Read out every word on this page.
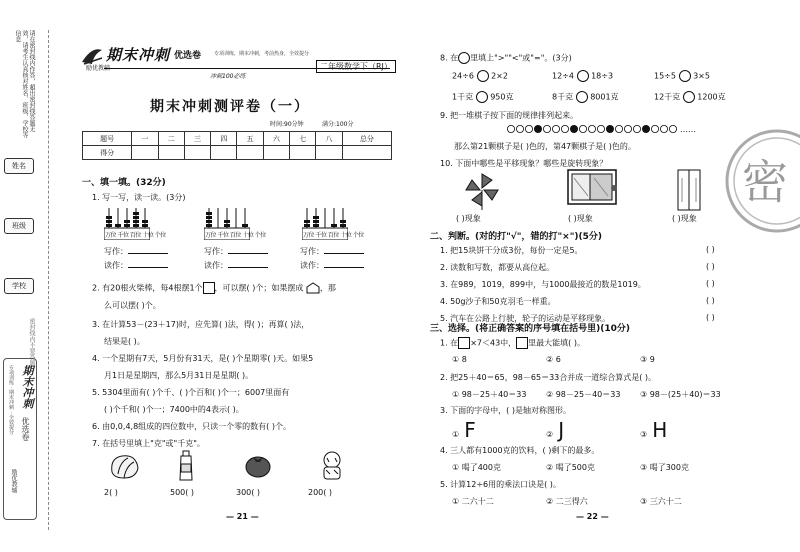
请在密封线内作答，超出密封线答题无效，请考生认真核对姓名、班级、学校等信息
姓名
班级
学校
密封线内不要答题
期末冲刺
优选卷
专项训练 · 期末冲刺 · 全效提分
励优教辅
期末冲刺 优选卷
励优教辅
专项训练，期末冲刺，考前热身，全效提分
二年级数学下（RJ）
冲刺100必练
期末冲刺测评卷（一）
时间:90分钟	满分:100分
题号	一	二	三	四	五	六	七	八	总分
得分									
一、填一填。(32分)
1. 写一写，读一读。(3分)
万位 千位 百位 十位 个位
写作：
读作：
万位 千位 百位 十位 个位
写作：
读作：
万位 千位 百位 十位 个位
写作：
读作：
2. 有20根火柴棒，每4根摆1个 ，可以摆( )个；如果摆成 ，那
么可以摆( )个。
3. 在计算53－(23＋17)时，应先算( )法，得( )；再算( )法，
结果是( )。
4. 一个星期有7天，5月份有31天，是( )个星期零( )天。如果5
月1日是星期四，那么5月31日是星期( )。
5. 5304里面有( )个千、( )个百和( )个一；6007里面有
( )个千和( )个一；7400中的4表示( )。
6. 由0,0,4,8组成的四位数中，只读一个零的数有( )个。
7. 在括号里填上"克"或"千克"。
2( )	500( )	300( )	200( )
— 21 —
8. 在 里填上">""<"或"="。(3分)
24÷6 2×2	12÷4 18÷3	15÷5 3×5
1千克 950克	8千克 8001克	12千克 1200克
9. 把一堆棋子按下面的规律排列起来。
……
那么第21颗棋子是( )色的，第47颗棋子是( )色的。
10. 下面中哪些是平移现象？哪些是旋转现象？
( )现象	( )现象	( )现象
二、判断。(对的打"√"，错的打"×")(5分)
1. 把15块饼干分成3份，每份一定是5。
2. 读数和写数，都要从高位起。
3. 在989，1019，899中，与1000最接近的数是1019。
4. 50g沙子和50克羽毛一样重。
5. 汽车在公路上行驶，轮子的运动是平移现象。
( )
( )
( )
( )
( )
三、选择。(将正确答案的序号填在括号里)(10分)
1. 在 ×7＜43中， 里最大能填( )。
① 8	② 6	③ 9
2. 把25＋40＝65，98－65＝33合并成一道综合算式是( )。
① 98－25＋40＝33 ② 98－25－40＝33 ③ 98－(25＋40)＝33
3. 下面的字母中，( )是轴对称图形。
① F	② J	③ H
4. 三人都有1000克的饮料，( )剩下的最多。
① 喝了400克	② 喝了500克	③ 喝了300克
5. 计算12÷6用的乘法口诀是( )。
① 二六十二	② 二三得六	③ 三六十二
— 22 —
密
